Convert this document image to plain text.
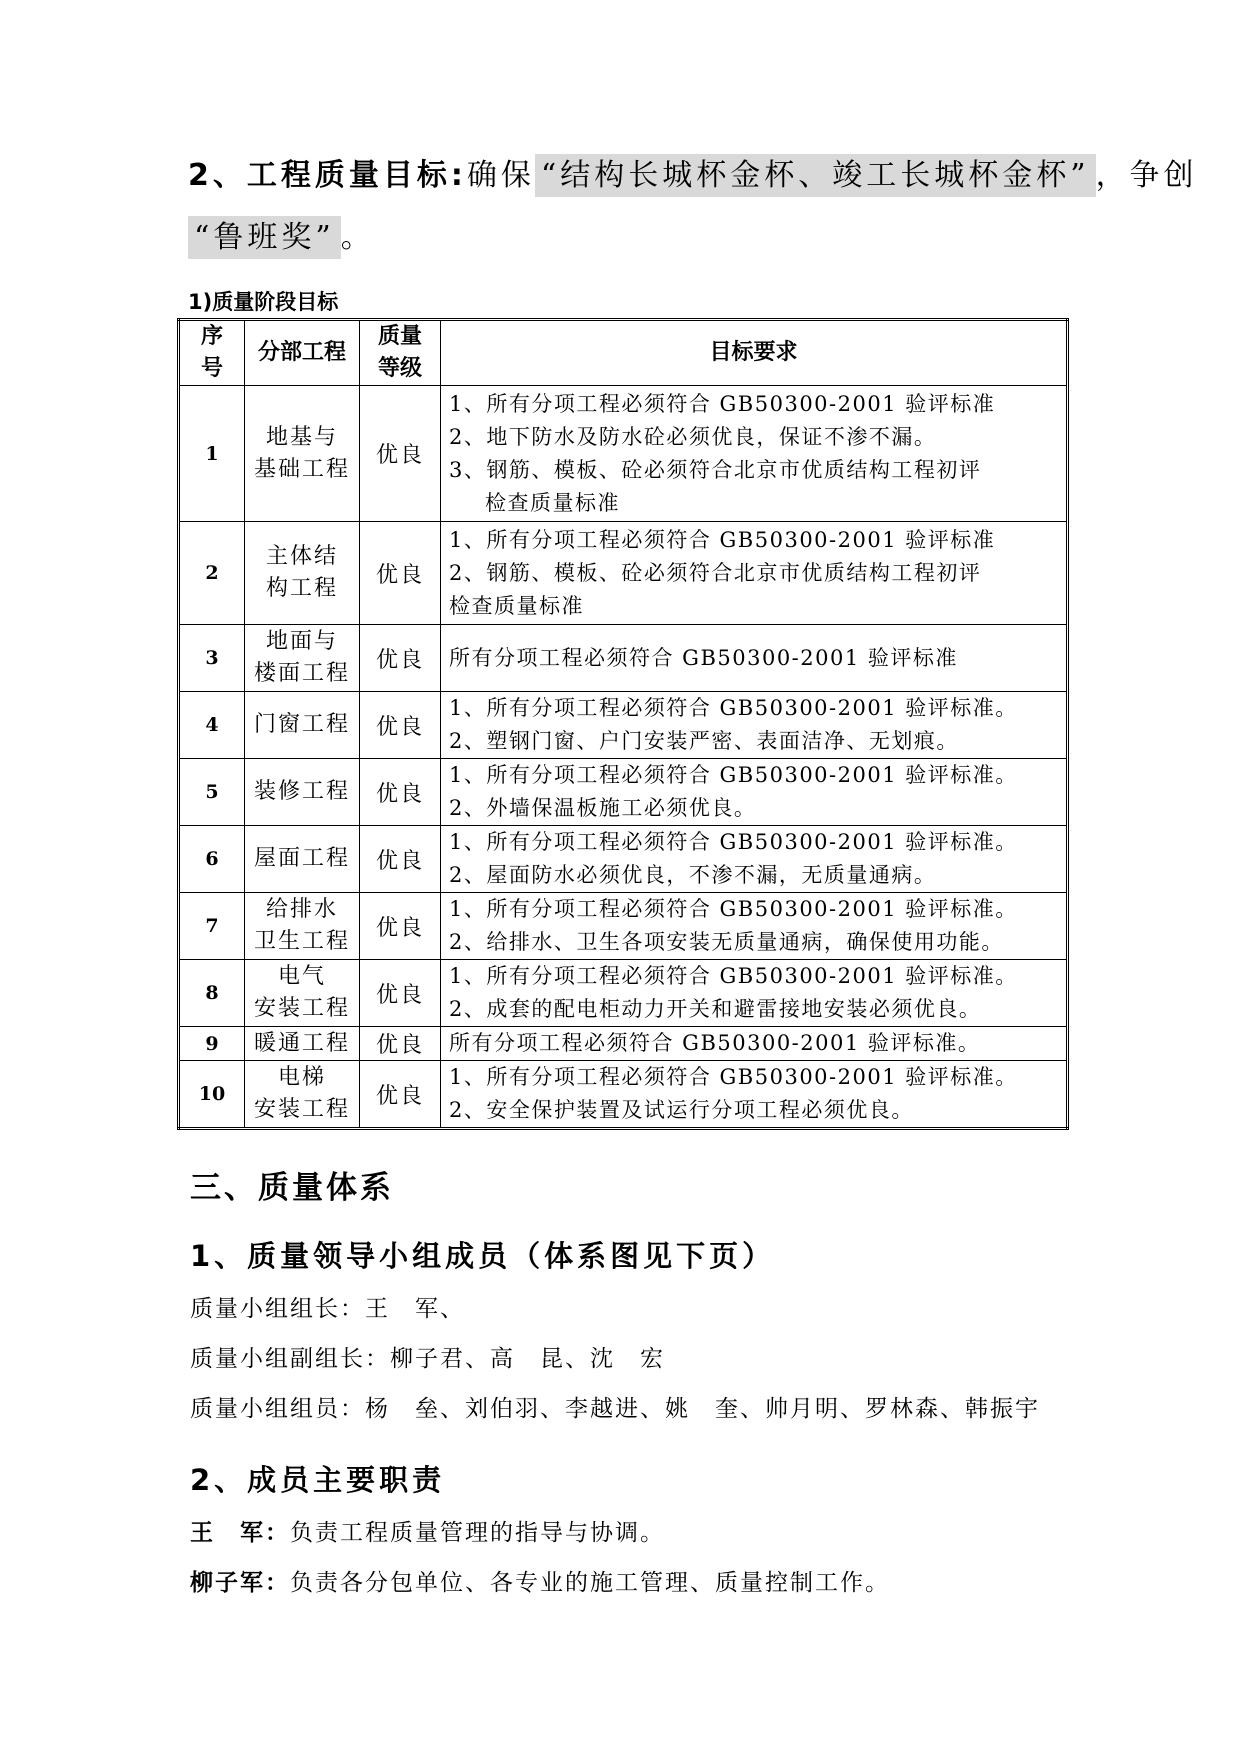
2、工程质量目标:确保 “结构长城杯金杯、竣工长城杯金杯” ，争创
“鲁班奖” 。
1)质量阶段目标
序
号	分部工程	质量
等级	目标要求
1	地基与
基础工程	优良	1、所有分项工程必须符合 GB50300-2001 验评标准
2、地下防水及防水砼必须优良，保证不渗不漏。
3、钢筋、模板、砼必须符合北京市优质结构工程初评
检查质量标准

2	主体结
构工程	优良	1、所有分项工程必须符合 GB50300-2001 验评标准
2、钢筋、模板、砼必须符合北京市优质结构工程初评
检查质量标准

3	地面与
楼面工程	优良	所有分项工程必须符合 GB50300-2001 验评标准

4	门窗工程	优良	1、所有分项工程必须符合 GB50300-2001 验评标准。
2、塑钢门窗、户门安装严密、表面洁净、无划痕。

5	装修工程	优良	1、所有分项工程必须符合 GB50300-2001 验评标准。
2、外墙保温板施工必须优良。

6	屋面工程	优良	1、所有分项工程必须符合 GB50300-2001 验评标准。
2、屋面防水必须优良，不渗不漏，无质量通病。

7	给排水
卫生工程	优良	1、所有分项工程必须符合 GB50300-2001 验评标准。
2、给排水、卫生各项安装无质量通病，确保使用功能。

8	电气
安装工程	优良	1、所有分项工程必须符合 GB50300-2001 验评标准。
2、成套的配电柜动力开关和避雷接地安装必须优良。

9	暖通工程	优良	所有分项工程必须符合 GB50300-2001 验评标准。

10	电梯
安装工程	优良	1、所有分项工程必须符合 GB50300-2001 验评标准。
2、安全保护装置及试运行分项工程必须优良。
三、质量体系
1、质量领导小组成员（体系图见下页）
质量小组组长：王　军、
质量小组副组长：柳子君、高　昆、沈　宏
质量小组组员：杨　垒、刘伯羽、李越进、姚　奎、帅月明、罗林森、韩振宇
2、成员主要职责
王　军：负责工程质量管理的指导与协调。
柳子军：负责各分包单位、各专业的施工管理、质量控制工作。
